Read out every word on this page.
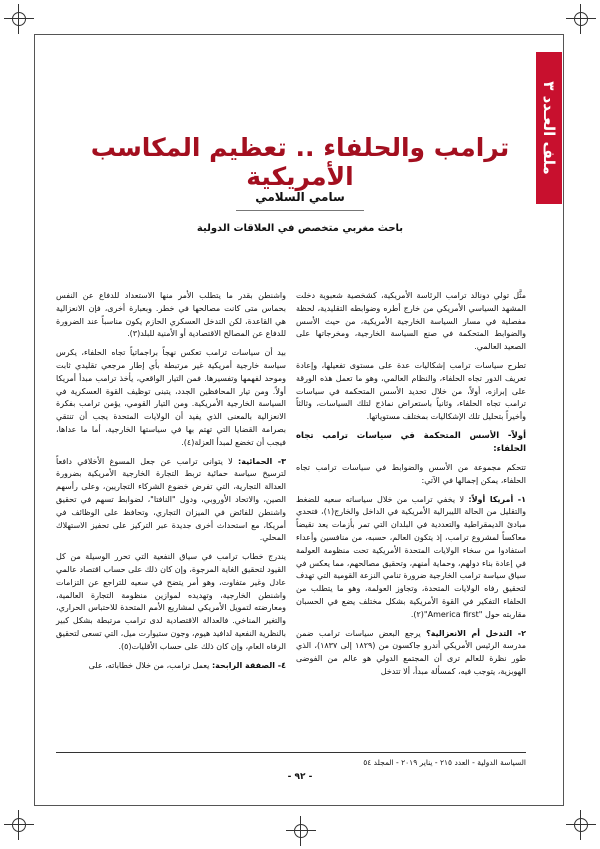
ملف العـدد ٣
ترامب والحلفاء .. تعظيم المكاسب الأمريكية
سامي السلامي
باحث مغربي متخصص في العلاقات الدولية

مثَّل تولي دونالد ترامب الرئاسة الأمريكية، كشخصية شعبوية دخلت المشهد السياسي الأمريكي من خارج أطره وضوابطه التقليدية، لحظة مفصلية في مسار السياسة الخارجية الأمريكية، من حيث الأسس والضوابط المتحكمة في صنع السياسة الخارجية، ومخرجاتها على الصعيد العالمي.

تطرح سياسات ترامب إشكاليات عدة على مستوى تفعيلها، وإعادة تعريف الدور تجاه الحلفاء، والنظام العالمي، وهو ما تعمل هذه الورقة على إبرازه، أولاً، من خلال تحديد الأسس المتحكمة في سياسات ترامب تجاه الحلفاء، وثانياً باستعراض نماذج لتلك السياسات، وثالثاً وأخيراً بتحليل تلك الإشكاليات بمختلف مستوياتها.

أولاً- الأسس المتحكمة في سياسات ترامب تجاه الحلفاء:

تتحكم مجموعة من الأسس والضوابط في سياسات ترامب تجاه الحلفاء، يمكن إجمالها في الآتي:

١- أمريكا أولاً: لا يخفي ترامب من خلال سياساته سعيه للضغط والتقليل من الحالة الليبرالية الأمريكية في الداخل والخارج(١)، فتحدي مبادئ الديمقراطية والتعددية في البلدان التي تمر بأزمات يعد نقيضاً معاكساً لمشروع ترامب، إذ يتكون العالم، حسبه، من منافسين وأعداء استفادوا من سخاء الولايات المتحدة الأمريكية تحت منظومة العولمة في إعادة بناء دولهم، وحماية أمنهم، وتحقيق مصالحهم، مما يعكس في سياق سياسة ترامب الخارجية ضرورة تنامي النزعة القومية التي تهدف لتحقيق رفاه الولايات المتحدة، وتجاوز العولمة، وهو ما يتطلب من الحلفاء التفكير في القوة الأمريكية بشكل مختلف يضع في الحسبان مقاربته حول "America first"(٢).

٢- التدخل أم الانعزالية؟ يرجع البعض سياسات ترامب ضمن مدرسة الرئيس الأمريكي أندرو جاكسون من (١٨٢٩ إلى ١٨٣٧)، الذي طور نظرة للعالم ترى أن المجتمع الدولي هو عالم من الفوضى الهوبزية، يتوجب فيه، كمسألة مبدأ، ألا تتدخل

واشنطن بقدر ما يتطلب الأمر منها الاستعداد للدفاع عن النفس بحماس متى كانت مصالحها في خطر. وبعبارة أخرى، فإن الانعزالية هي القاعدة، لكن التدخل العسكري الحازم يكون مناسباً عند الضرورة للدفاع عن المصالح الاقتصادية أو الأمنية للبلد(٣).

بيد أن سياسات ترامب تعكس نهجاً براجماتياً تجاه الحلفاء، يكرس سياسة خارجية أمريكية غير مرتبطة بأي إطار مرجعي تقليدي ثابت وموحد لفهمها وتفسيرها. فمن التيار الواقعي، يأخذ ترامب مبدأ أمريكا أولاً. ومن تيار المحافظين الجدد، يتبنى توظيف القوة العسكرية في السياسة الخارجية الأمريكية. ومن التيار القومي، يؤمن ترامب بفكرة الانعزالية بالمعنى الذي يفيد أن الولايات المتحدة يجب أن تنتقي بصرامة القضايا التي تهتم بها في سياستها الخارجية، أما ما عداها، فيجب أن تخضع لمبدأ العزلة(٤).

٣- الحمائية: لا يتوانى ترامب عن جعل المسوغ الأخلاقي دافعاً لترسيخ سياسة حمائية تربط التجارة الخارجية الأمريكية بضرورة العدالة التجارية، التي تفرض خضوع الشركاء التجاريين، وعلى رأسهم الصين، والاتحاد الأوروبي، ودول "النافتا"، لضوابط تسهم في تحقيق واشنطن للفائض في الميزان التجاري، وتحافظ على الوظائف في أمريكا، مع استحداث أخرى جديدة عبر التركيز على تحفيز الاستهلاك المحلي.

يندرج خطاب ترامب في سياق النفعية التي تحرر الوسيلة من كل القيود لتحقيق الغاية المرجوة، وإن كان ذلك على حساب اقتصاد عالمي عادل وغير متفاوت، وهو أمر يتضح في سعيه للتراجع عن التزامات واشنطن الخارجية، وتهديده لموازين منظومة التجارة العالمية، ومعارضته لتمويل الأمريكي لمشاريع الأمم المتحدة للاحتباس الحراري، والتغير المناخي. فالعدالة الاقتصادية لدى ترامب مرتبطة بشكل كبير بالنظرية النفعية لدافيد هيوم، وجون ستيوارت ميل، التي تسعى لتحقيق الرفاه العام، وإن كان ذلك على حساب الأقليات(٥).

٤- الصفقة الرابحة: يعمل ترامب، من خلال خطاباته، على

السياسة الدولية - العدد ٢١٥ - يناير ٢٠١٩ - المجلد ٥٤
- ٩٢ -
